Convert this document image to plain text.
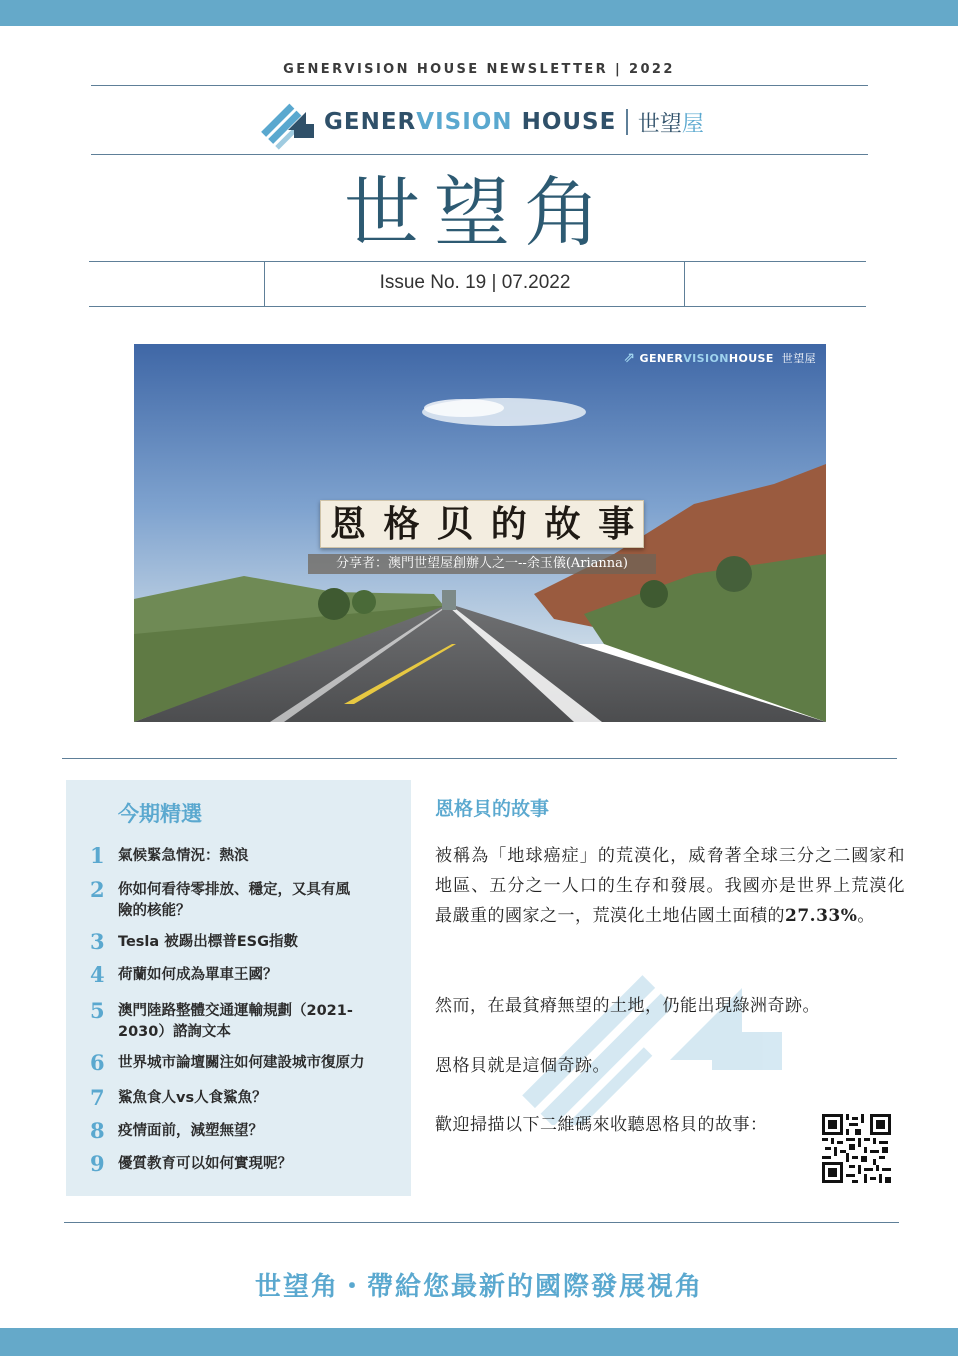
GENERVISION HOUSE NEWSLETTER | 2022
GENERVISION HOUSE 世望屋
世望角
Issue No. 19 | 07.2022
⇗ GENER VISION HOUSE 世望屋
恩 格 贝 的 故 事
分享者：澳門世望屋創辦人之一--余玉儀(Arianna)
今期精選
1 氣候緊急情況：熱浪
2 你如何看待零排放、穩定，又具有風險的核能？
3 Tesla 被踢出標普ESG指數
4 荷蘭如何成為單車王國？
5 澳門陸路整體交通運輸規劃（2021-2030）諮詢文本
6 世界城市論壇關注如何建設城市復原力
7 鯊魚食人vs人食鯊魚？
8 疫情面前，減塑無望？
9 優質教育可以如何實現呢？
恩格貝的故事
被稱為「地球癌症」的荒漠化，威脅著全球三分之二國家和地區、五分之一人口的生存和發展。我國亦是世界上荒漠化最嚴重的國家之一，荒漠化土地佔國土面積的27.33%。
然而，在最貧瘠無望的土地，仍能出現綠洲奇跡。
恩格貝就是這個奇跡。
歡迎掃描以下二維碼來收聽恩格貝的故事：
世望角・帶給您最新的國際發展視角
